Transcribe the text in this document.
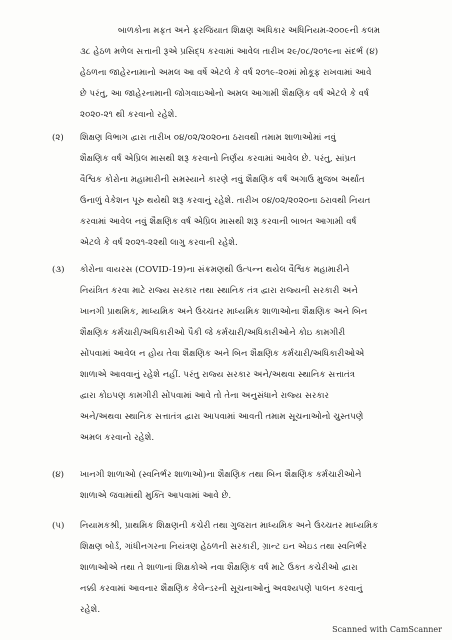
બાળકોના મફત અને ફરજિયાત શિક્ષણ અધિકાર અધિનિયમ-૨૦૦૯ની કલમ
૩૮ હેઠળ મળેલ સત્તાની રૂએ પ્રસિદ્ધ કરવામાં આવેલ તારીખ ૨૯/૦૮/૨૦૧૯ના સંદર્ભ (૪)
હેઠળના જાહેરનામાનો અમલ આ વર્ષે એટલે કે વર્ષ ૨૦૧૯-૨૦માં મોકૂફ રાખવામાં આવે
છે પરંતુ, આ જાહેરનામાની જોગવાઇઓનો અમલ આગામી શૈક્ષણિક વર્ષ એટલે કે વર્ષ
૨૦૨૦-૨૧ થી કરવાનો રહેશે.
(૨) શિક્ષણ વિભાગ દ્વારા તારીખ ૦૪/૦૨/૨૦૨૦ના ઠરાવથી તમામ શાળાઓમાં નવું
શૈક્ષણિક વર્ષ એપ્રિલ માસથી શરૂ કરવાનો નિર્ણય કરવામાં આવેલ છે. પરંતુ, સાંપ્રત
વૈશ્વિક કોરોના મહામારીની સમસ્યાને કારણે નવું શૈક્ષણિક વર્ષ અગાઉ મુજબ અર્થાત
ઉનાળું વેકેશન પૂરુ થયેથી શરૂ કરવાનું રહેશે. તારીખ ૦૪/૦૨/૨૦૨૦ના ઠરાવથી નિયત
કરવામાં આવેલ નવું શૈક્ષણિક વર્ષ એપ્રિલ માસથી શરૂ કરવાની બાબત આગામી વર્ષ
એટલે કે વર્ષ ૨૦૨૧-૨૨થી લાગુ કરવાની રહેશે.
(૩) કોરોના વાયરસ (COVID-19)ના સંક્રમણથી ઉત્પન્ન થયેલ વૈશ્વિક મહામારીને
નિયંત્રિત કરવા માટે રાજ્ય સરકાર તથા સ્થાનિક તંત્ર દ્વારા રાજ્યની સરકારી અને
ખાનગી પ્રાથમિક, માધ્યમિક અને ઉચ્ચતર માધ્યમિક શાળાઓના શૈક્ષણિક અને બિન
શૈક્ષણિક કર્મચારી/અધિકારીઓ પૈકી જે કર્મચારી/અધિકારીઓને કોઇ કામગીરી
સોંપવામાં આવેલ ન હોય તેવા શૈક્ષણિક અને બિન શૈક્ષણિક કર્મચારી/અધિકારીઓએ
શાળાએ આવવાનું રહેશે નહીં. પરંતુ રાજ્ય સરકાર અને/અથવા સ્થાનિક સત્તાતંત્ર
દ્વારા કોઇપણ કામગીરી સોંપવામાં આવે તો તેના અનુસંધાને રાજ્ય સરકાર
અને/અથવા સ્થાનિક સત્તાતંત્ર દ્વારા આપવામાં આવતી તમામ સૂચનાઓનો ચુસ્તપણે
અમલ કરવાનો રહેશે.
(૪) ખાનગી શાળાઓ (સ્વનિર્ભર શાળાઓ)ના શૈક્ષણિક તથા બિન શૈક્ષણિક કર્મચારીઓને
શાળાએ જવામાંથી મુક્તિ આપવામાં આવે છે.
(૫) નિયામકશ્રી, પ્રાથમિક શિક્ષણની કચેરી તથા ગુજરાત માધ્યમિક અને ઉચ્ચતર માધ્યમિક
શિક્ષણ બોર્ડ, ગાંધીનગરના નિયંત્રણ હેઠળની સરકારી, ગ્રાન્ટ ઇન એઇડ તથા સ્વનિર્ભર
શાળાઓએ તથા તે શાળાનાં શિક્ષકોએ નવા શૈક્ષણિક વર્ષ માટે ઉક્ત કચેરીઓ દ્વારા
નક્કી કરવામાં આવનાર શૈક્ષણિક કેલેન્ડરની સૂચનાઓનું અવશ્યપણે પાલન કરવાનું
રહેશે.
Scanned with CamScanner
